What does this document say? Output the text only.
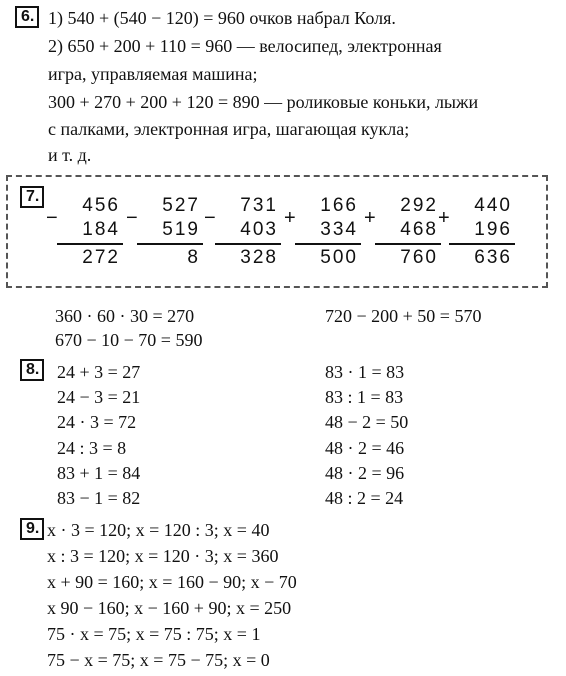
6. 1) 540 + (540 − 120) = 960 очков набрал Коля.
2) 650 + 200 + 110 = 960 — велосипед, электронная
игра, управляемая машина;
300 + 270 + 200 + 120 = 890 — роликовые коньки, лыжи
с палками, электронная игра, шагающая кукла;
и т. д.
7.
−
456
184
272
−
527
519
8
−
731
403
328
+
166
334
500
+
292
468
760
+
440
196
636
360 · 60 · 30 = 270
670 − 10 − 70 = 590
720 − 200 + 50 = 570
8. 24 + 3 = 27
24 − 3 = 21
24 · 3 = 72
24 : 3 = 8
83 + 1 = 84
83 − 1 = 82
83 · 1 = 83
83 : 1 = 83
48 − 2 = 50
48 · 2 = 46
48 · 2 = 96
48 : 2 = 24
9. x · 3 = 120; x = 120 : 3; x = 40
x : 3 = 120; x = 120 · 3; x = 360
x + 90 = 160; x = 160 − 90; x − 70
x 90 − 160; x − 160 + 90; x = 250
75 · x = 75; x = 75 : 75; x = 1
75 − x = 75; x = 75 − 75; x = 0
